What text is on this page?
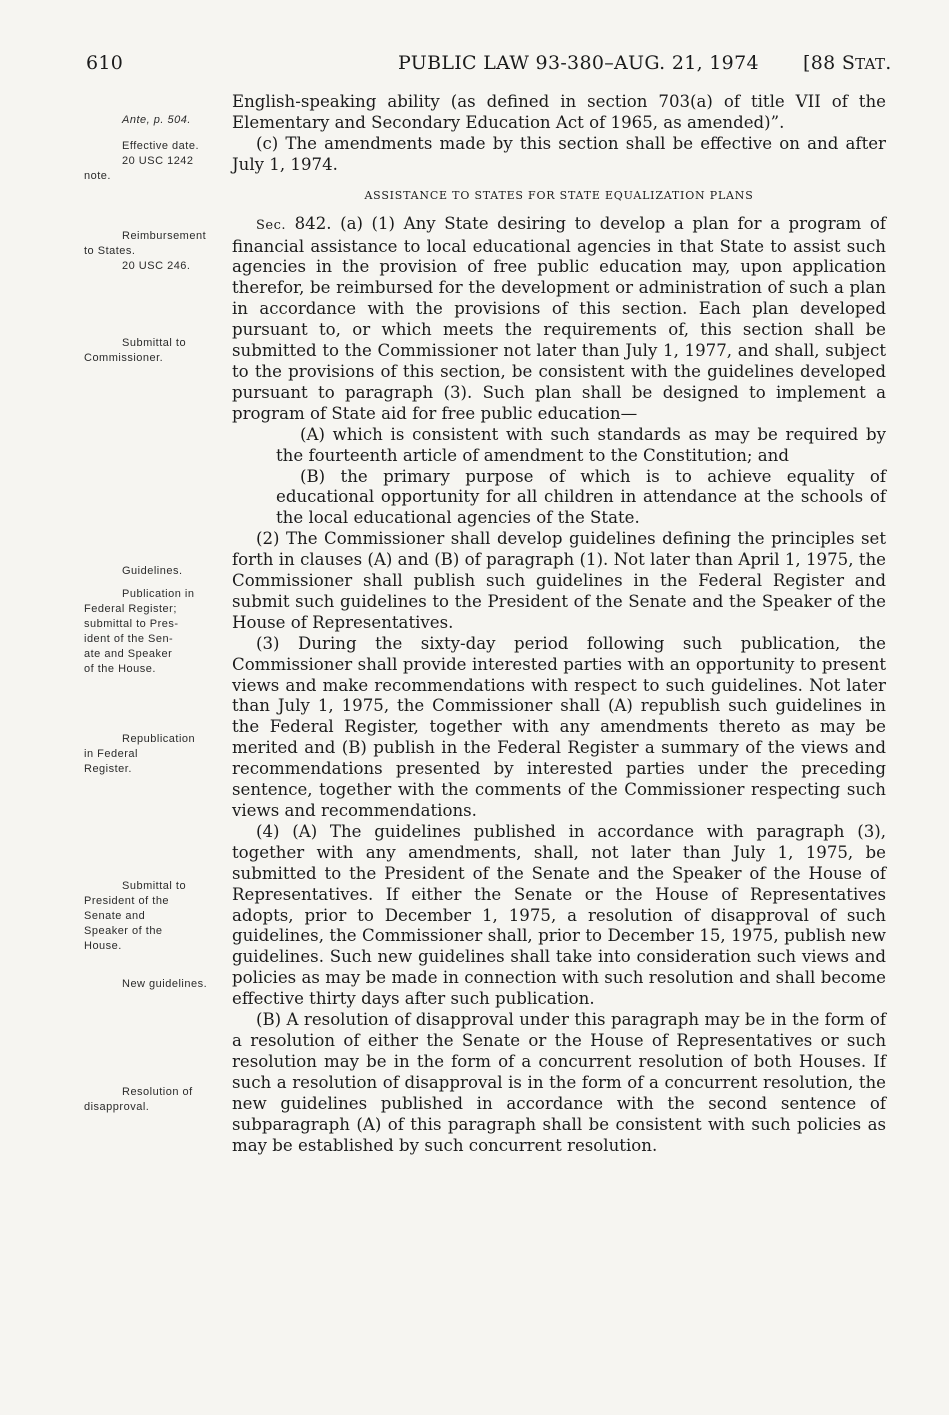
610	PUBLIC LAW 93-380–AUG. 21, 1974 [88 STAT.
Ante, p. 504.
Effective date.
20 USC 1242
note.
Reimbursement
to States.
20 USC 246.
Submittal to
Commissioner.
Guidelines.
Publication in
Federal Register;
submittal to Pres-
ident of the Sen-
ate and Speaker
of the House.
Republication
in Federal
Register.
Submittal to
President of the
Senate and
Speaker of the
House.
New guidelines.
Resolution of
disapproval.

English-speaking ability (as defined in section 703(a) of title VII of the Elementary and Secondary Education Act of 1965, as amended)”.

(c) The amendments made by this section shall be effective on and after July 1, 1974.

ASSISTANCE TO STATES FOR STATE EQUALIZATION PLANS

Sec. 842. (a) (1) Any State desiring to develop a plan for a program of financial assistance to local educational agencies in that State to assist such agencies in the provision of free public education may, upon application therefor, be reimbursed for the development or administration of such a plan in accordance with the provisions of this section. Each plan developed pursuant to, or which meets the requirements of, this section shall be submitted to the Commissioner not later than July 1, 1977, and shall, subject to the provisions of this section, be consistent with the guidelines developed pursuant to paragraph (3). Such plan shall be designed to implement a program of State aid for free public education—

(A) which is consistent with such standards as may be required by the fourteenth article of amendment to the Constitution; and

(B) the primary purpose of which is to achieve equality of educational opportunity for all children in attendance at the schools of the local educational agencies of the State.

(2) The Commissioner shall develop guidelines defining the principles set forth in clauses (A) and (B) of paragraph (1). Not later than April 1, 1975, the Commissioner shall publish such guidelines in the Federal Register and submit such guidelines to the President of the Senate and the Speaker of the House of Representatives.

(3) During the sixty-day period following such publication, the Commissioner shall provide interested parties with an opportunity to present views and make recommendations with respect to such guidelines. Not later than July 1, 1975, the Commissioner shall (A) republish such guidelines in the Federal Register, together with any amendments thereto as may be merited and (B) publish in the Federal Register a summary of the views and recommendations presented by interested parties under the preceding sentence, together with the comments of the Commissioner respecting such views and recommendations.

(4) (A) The guidelines published in accordance with paragraph (3), together with any amendments, shall, not later than July 1, 1975, be submitted to the President of the Senate and the Speaker of the House of Representatives. If either the Senate or the House of Representatives adopts, prior to December 1, 1975, a resolution of disapproval of such guidelines, the Commissioner shall, prior to December 15, 1975, publish new guidelines. Such new guidelines shall take into consideration such views and policies as may be made in connection with such resolution and shall become effective thirty days after such publication.

(B) A resolution of disapproval under this paragraph may be in the form of a resolution of either the Senate or the House of Representatives or such resolution may be in the form of a concurrent resolution of both Houses. If such a resolution of disapproval is in the form of a concurrent resolution, the new guidelines published in accordance with the second sentence of subparagraph (A) of this paragraph shall be consistent with such policies as may be established by such concurrent resolution.
